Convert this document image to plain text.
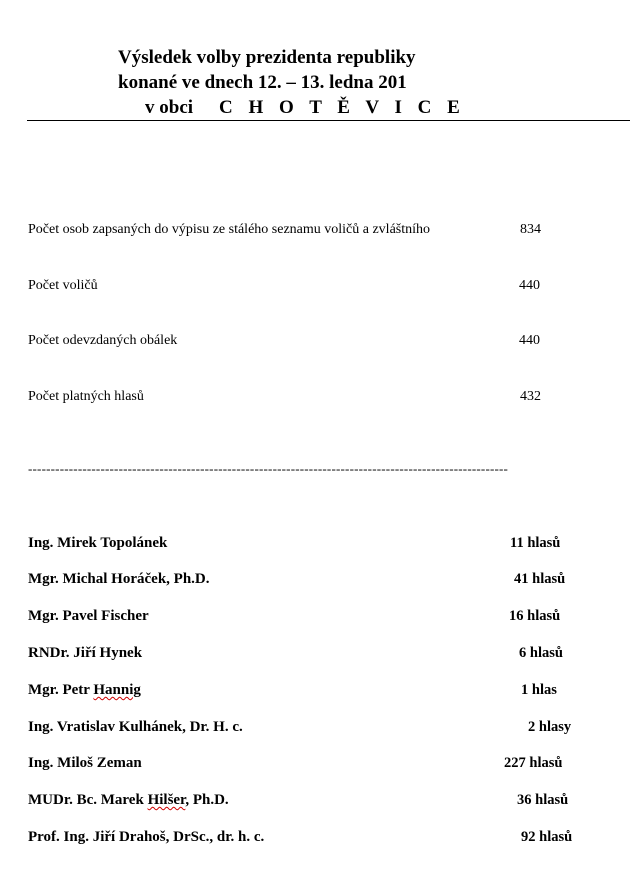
Výsledek volby prezidenta republiky
konané ve dnech 12. – 13. ledna 201
v obci C H O T Ě V I C E
Počet osob zapsaných do výpisu ze stálého seznamu voličů a zvláštního	834
Počet voličů	440
Počet odevzdaných obálek	440
Počet platných hlasů	432
----------------------------------------------------------------------------------------------------------
Ing. Mirek Topolánek	11 hlasů
Mgr. Michal Horáček, Ph.D.	41 hlasů
Mgr. Pavel Fischer	16 hlasů
RNDr. Jiří Hynek	6 hlasů
Mgr. Petr Hannig	1 hlas
Ing. Vratislav Kulhánek, Dr. H. c.	2 hlasy
Ing. Miloš Zeman	227 hlasů
MUDr. Bc. Marek Hilšer, Ph.D.	36 hlasů
Prof. Ing. Jiří Drahoš, DrSc., dr. h. c.	92 hlasů
